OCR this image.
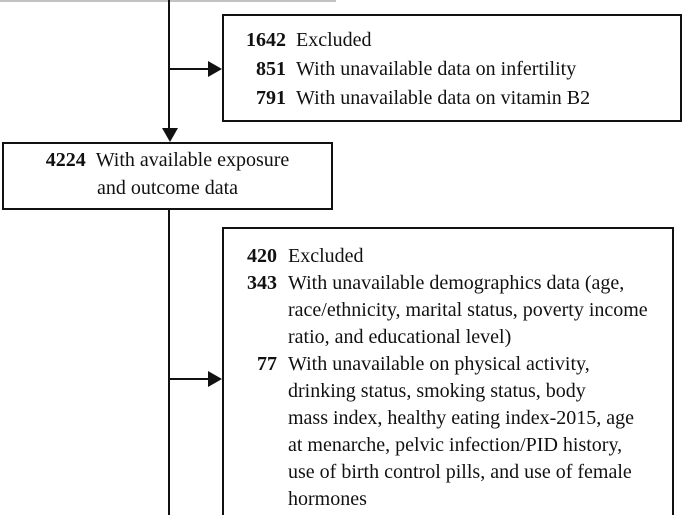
1642 Excluded
851 With unavailable data on infertility
791 With unavailable data on vitamin B2
4224 With available exposure
and outcome data
420 Excluded
343 With unavailable demographics data (age,
race/ethnicity, marital status, poverty income
ratio, and educational level)
77 With unavailable on physical activity,
drinking status, smoking status, body
mass index, healthy eating index-2015, age
at menarche, pelvic infection/PID history,
use of birth control pills, and use of female
hormones
